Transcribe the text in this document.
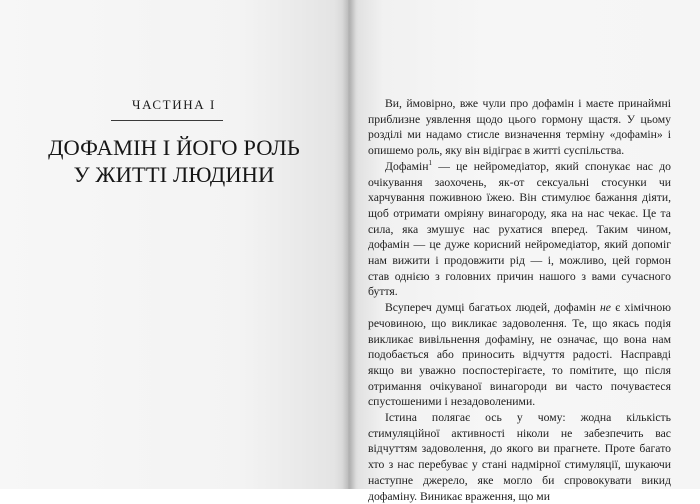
ЧАСТИНА І
ДОФАМІН І ЙОГО РОЛЬ
У ЖИТТІ ЛЮДИНИ

Ви, ймовірно, вже чули про дофамін і маєте принаймні приблизне уявлення щодо цього гормону щастя. У цьому розділі ми надамо стисле визначення терміну «дофамін» і опишемо роль, яку він відіграє в житті суспільства.

Дофамін$^1$ — це нейромедіатор, який спонукає нас до очікування заохочень, як-от сексуальні стосунки чи харчування поживною їжею. Він стимулює бажання діяти, щоб отримати омріяну винагороду, яка на нас чекає. Це та сила, яка змушує нас рухатися вперед. Таким чином, дофамін — це дуже корисний нейромедіатор, який допоміг нам вижити і продовжити рід — і, можливо, цей гормон став однією з головних причин нашого з вами сучасного буття.

Всупереч думці багатьох людей, дофамін не є хімічною речовиною, що викликає задоволення. Те, що якась подія викликає вивільнення дофаміну, не означає, що вона нам подобається або приносить відчуття радості. Насправді якщо ви уважно поспостерігаєте, то помітите, що після отримання очікуваної винагороди ви часто почуваєтеся спустошеними і незадоволеними.

Істина полягає ось у чому: жодна кількість стимуляційної активності ніколи не забезпечить вас відчуттям задоволення, до якого ви прагнете. Проте багато хто з нас перебуває у стані надмірної стимуляції, шукаючи наступне джерело, яке могло би спровокувати викид дофаміну. Виникає враження, що ми
